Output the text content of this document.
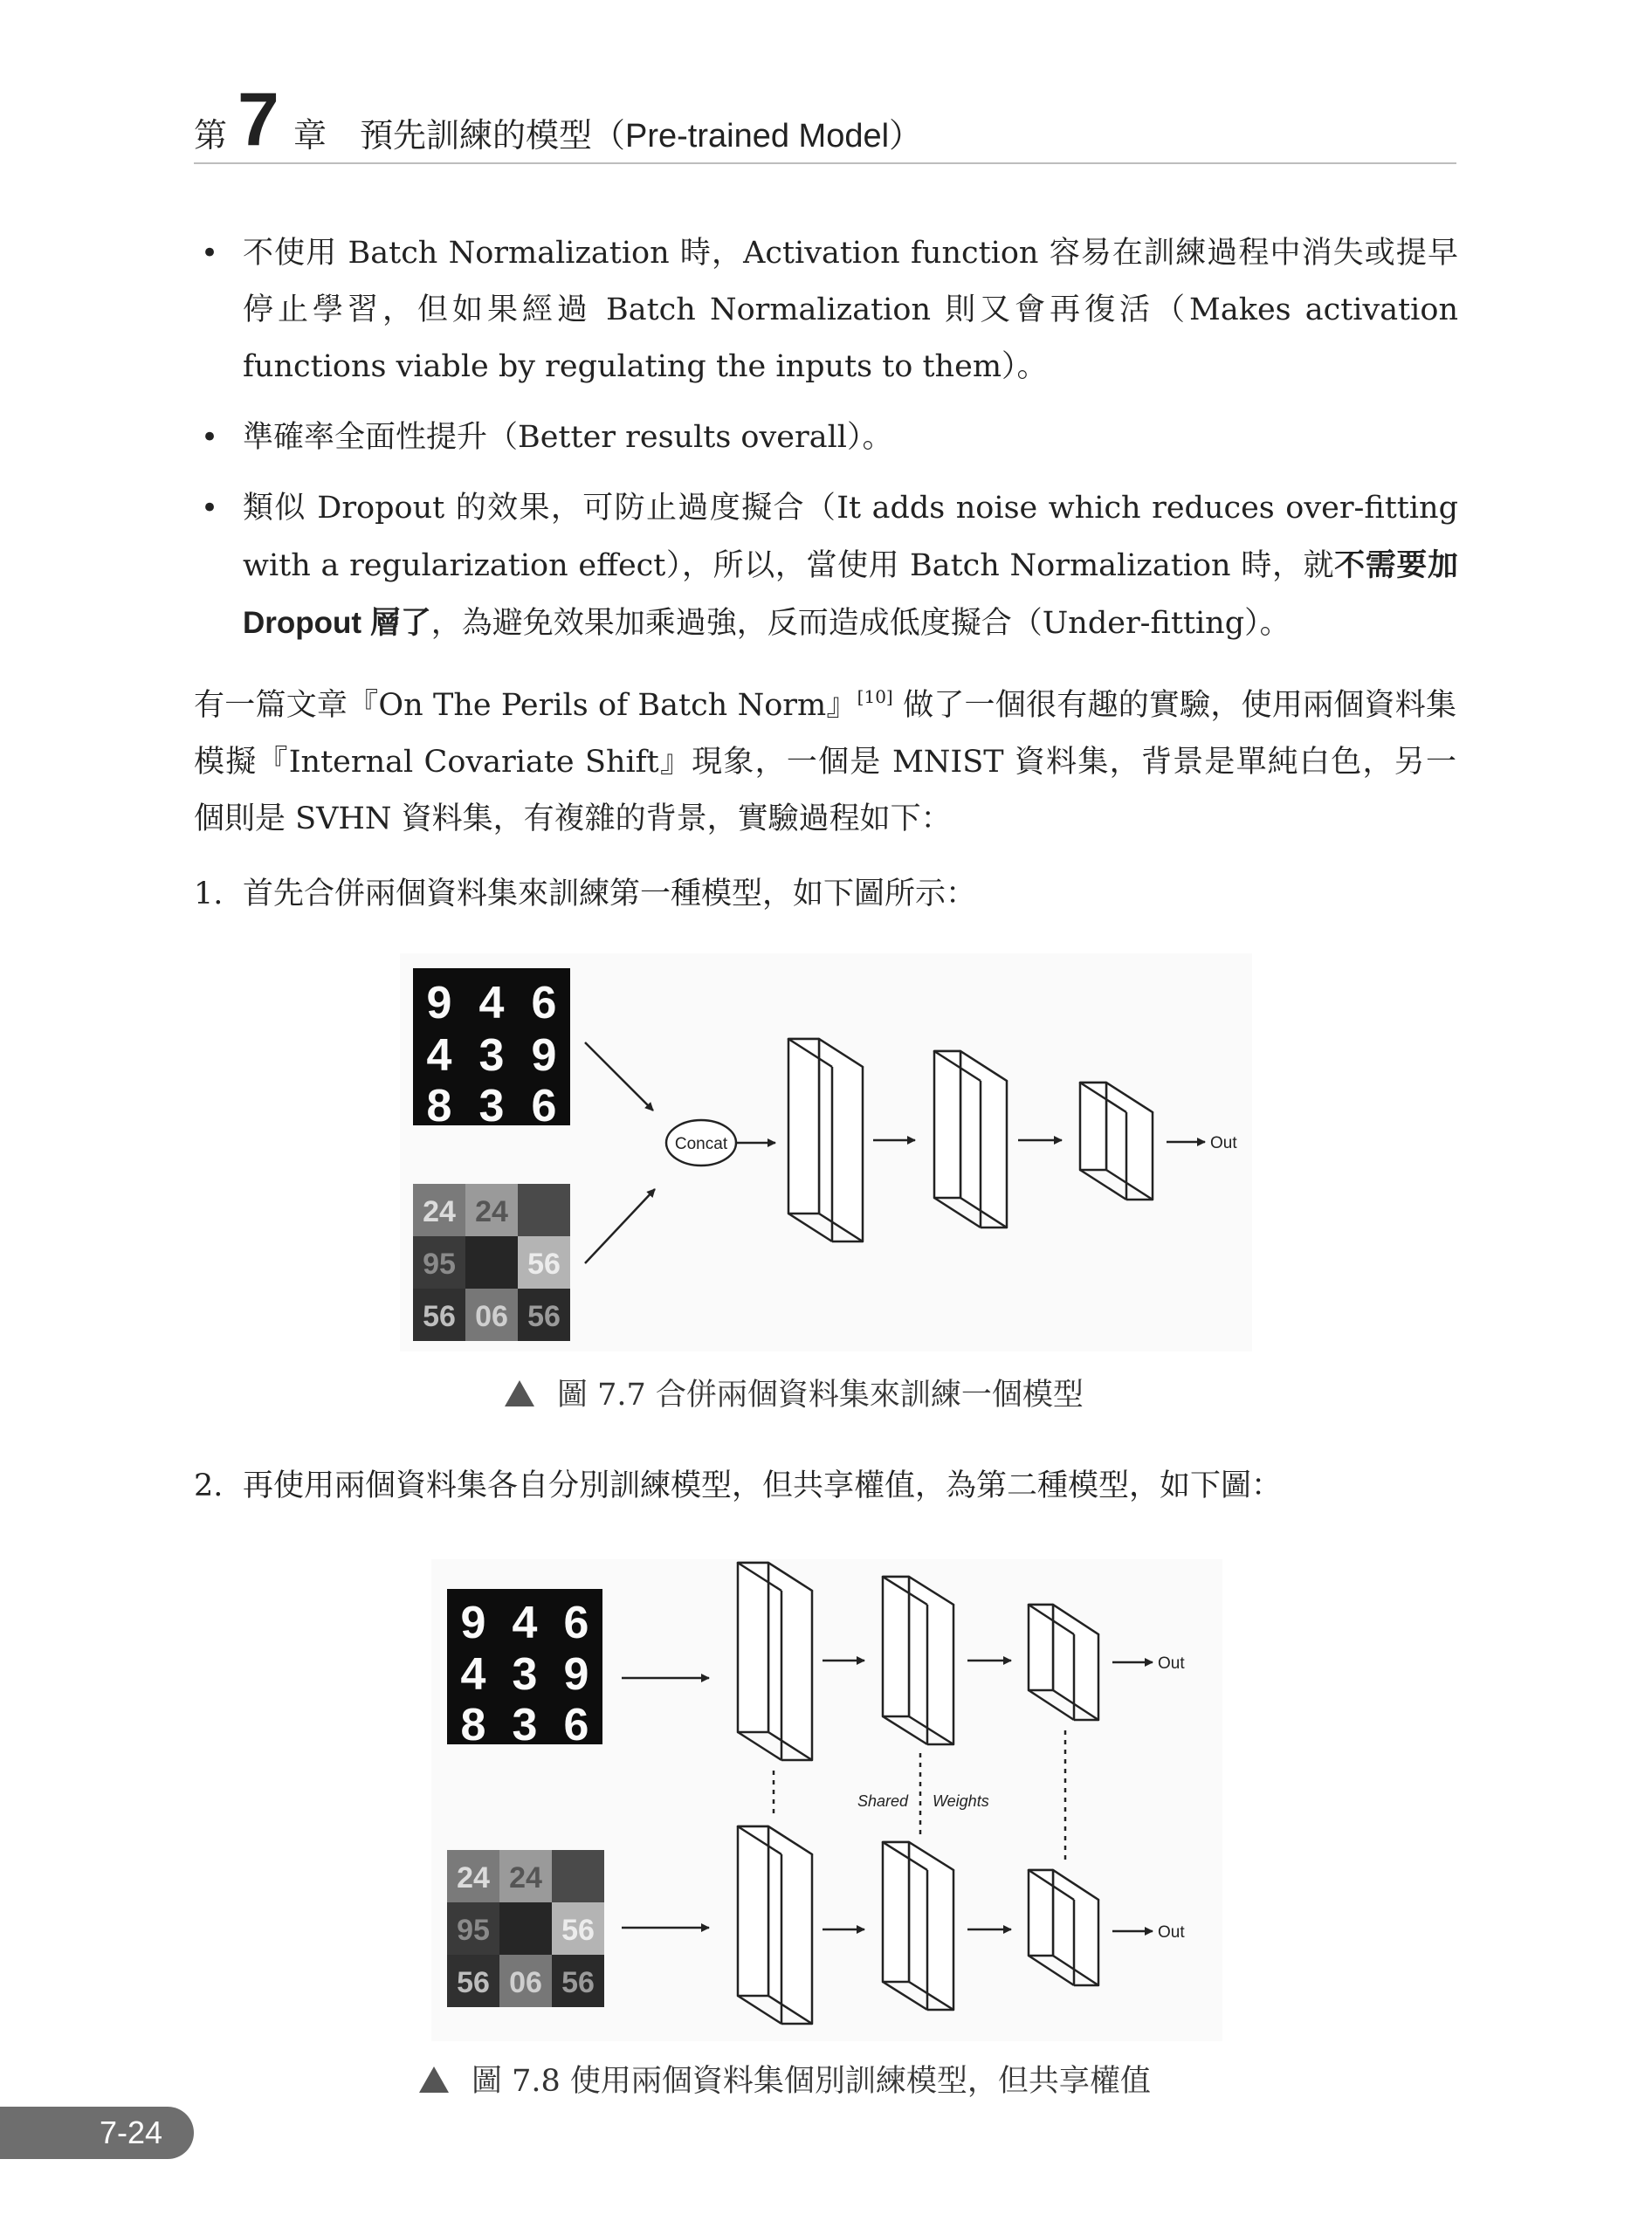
第 7 章 預先訓練的模型（Pre-trained Model）
• 不使用 Batch Normalization 時，Activation function 容易在訓練過程中消失或提早停止學習，但如果經過 Batch Normalization 則又會再復活（Makes activation functions viable by regulating the inputs to them）。
• 準確率全面性提升（Better results overall）。
• 類似 Dropout 的效果，可防止過度擬合（It adds noise which reduces over-fitting with a regularization effect），所以，當使用 Batch Normalization 時，就不需要加 Dropout 層了，為避免效果加乘過強，反而造成低度擬合（Under-fitting）。

有一篇文章『On The Perils of Batch Norm』[10] 做了一個很有趣的實驗，使用兩個資料集模擬『Internal Covariate Shift』現象，一個是 MNIST 資料集，背景是單純白色，另一個則是 SVHN 資料集，有複雜的背景，實驗過程如下：

1. 首先合併兩個資料集來訓練第一種模型，如下圖所示：

9 4 6
4 3 9
8 3 6
24 24
95 56
56 06 56
Concat	Out

圖 7.7 合併兩個資料集來訓練一個模型

2. 再使用兩個資料集各自分別訓練模型，但共享權值，為第二種模型，如下圖：

9 4 6
4 3 9
8 3 6
24 24
95 56
56 06 56
Out
Shared Weights
Out

圖 7.8 使用兩個資料集個別訓練模型，但共享權值

7-24
